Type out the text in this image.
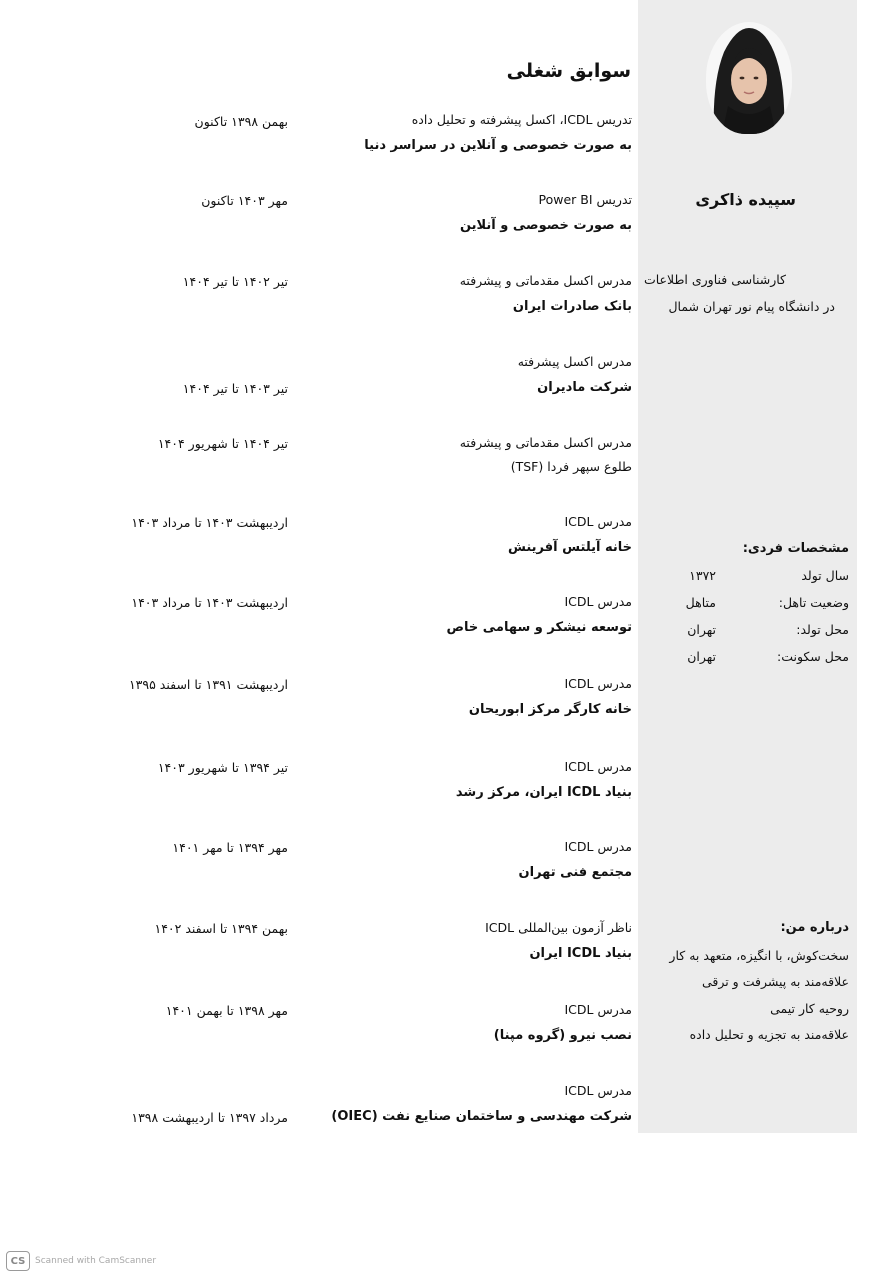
سپیده ذاکری
کارشناسی فناوری اطلاعات
در دانشگاه پیام نور تهران شمال
مشخصات فردی:
سال تولد
۱۳۷۲
وضعیت تاهل:
متاهل
محل تولد:
تهران
محل سکونت:
تهران
درباره من:
سخت‌کوش، با انگیزه، متعهد به کار
علاقه‌مند به پیشرفت و ترقی
روحیه کار تیمی
علاقه‌مند به تجزیه و تحلیل داده
سوابق شغلی
تدریس ICDL، اکسل پیشرفته و تحلیل داده
به صورت خصوصی و آنلاین در سراسر دنیا
بهمن ۱۳۹۸ تاکنون
تدریس Power BI
به صورت خصوصی و آنلاین
مهر ۱۴۰۳ تاکنون
مدرس اکسل مقدماتی و پیشرفته
بانک صادرات ایران
تیر ۱۴۰۲ تا تیر ۱۴۰۴
مدرس اکسل پیشرفته
شرکت مادیران
تیر ۱۴۰۳ تا تیر ۱۴۰۴
مدرس اکسل مقدماتی و پیشرفته
طلوع سپهر فردا (TSF)
تیر ۱۴۰۴ تا شهریور ۱۴۰۴
مدرس ICDL
خانه آیلتس آفرینش
اردیبهشت ۱۴۰۳ تا مرداد ۱۴۰۳
مدرس ICDL
توسعه نیشکر و سهامی خاص
اردیبهشت ۱۴۰۳ تا مرداد ۱۴۰۳
مدرس ICDL
خانه کارگر مرکز ابوریحان
اردیبهشت ۱۳۹۱ تا اسفند ۱۳۹۵
مدرس ICDL
بنیاد ICDL ایران، مرکز رشد
تیر ۱۳۹۴ تا شهریور ۱۴۰۳
مدرس ICDL
مجتمع فنی تهران
مهر ۱۳۹۴ تا مهر ۱۴۰۱
ناظر آزمون بین‌المللی ICDL
بنیاد ICDL ایران
بهمن ۱۳۹۴ تا اسفند ۱۴۰۲
مدرس ICDL
نصب نیرو (گروه مپنا)
مهر ۱۳۹۸ تا بهمن ۱۴۰۱
مدرس ICDL
شرکت مهندسی و ساختمان صنایع نفت (OIEC)
مرداد ۱۳۹۷ تا اردیبهشت ۱۳۹۸
CS	Scanned with CamScanner
